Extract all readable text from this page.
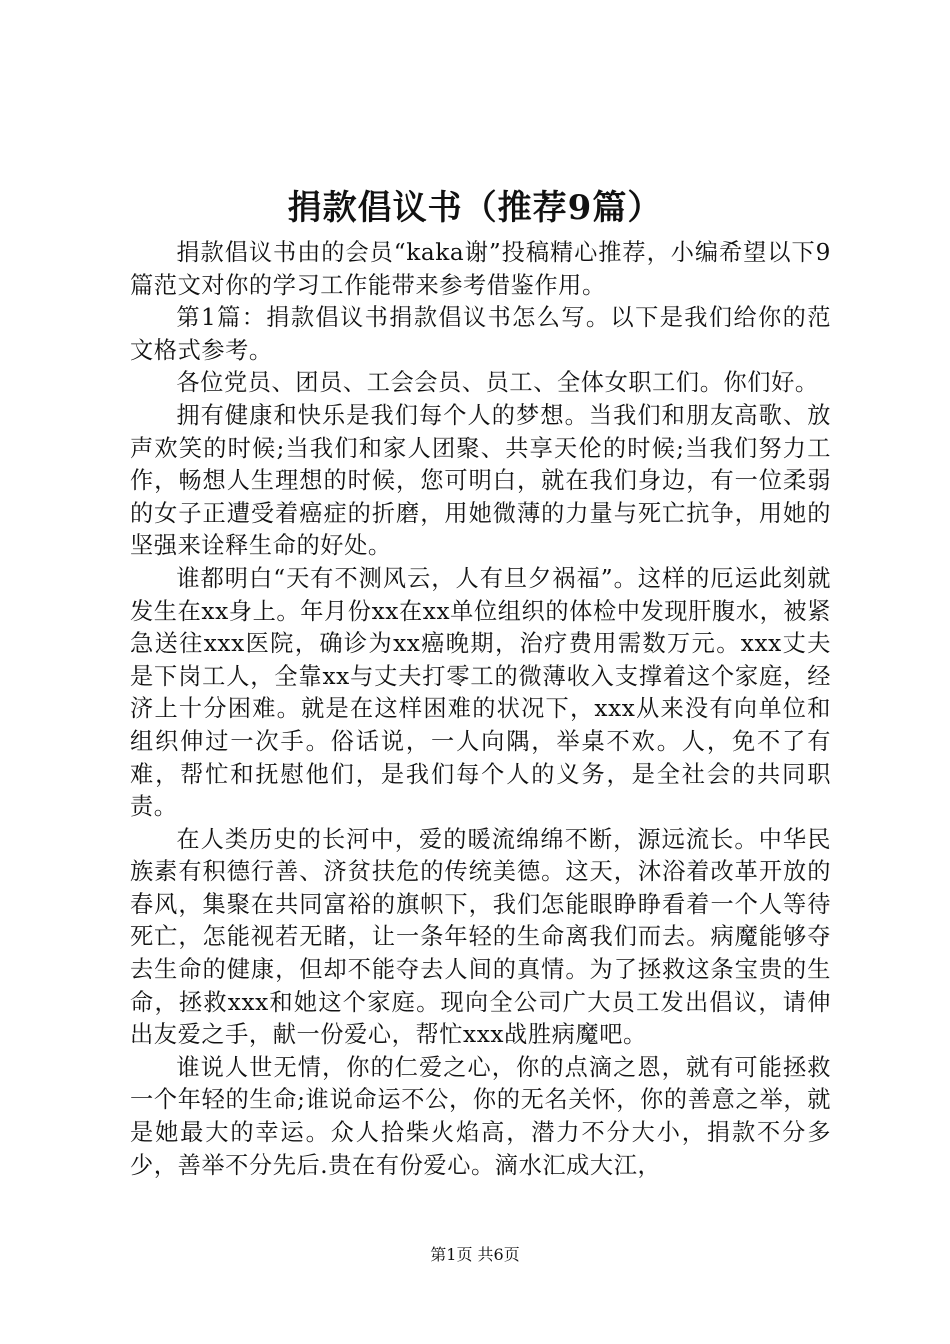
捐款倡议书（推荐9篇）

捐款倡议书由的会员“kaka谢”投稿精心推荐，小编希望以下9篇范文对你的学习工作能带来参考借鉴作用。

第1篇：捐款倡议书捐款倡议书怎么写。以下是我们给你的范文格式参考。

各位党员、团员、工会会员、员工、全体女职工们。你们好。

拥有健康和快乐是我们每个人的梦想。当我们和朋友高歌、放声欢笑的时候;当我们和家人团聚、共享天伦的时候;当我们努力工作，畅想人生理想的时候，您可明白，就在我们身边，有一位柔弱的女子正遭受着癌症的折磨，用她微薄的力量与死亡抗争，用她的坚强来诠释生命的好处。

谁都明白“天有不测风云，人有旦夕祸福”。这样的厄运此刻就发生在xx身上。年月份xx在xx单位组织的体检中发现肝腹水，被紧急送往xxx医院，确诊为xx癌晚期，治疗费用需数万元。xxx丈夫是下岗工人，全靠xx与丈夫打零工的微薄收入支撑着这个家庭，经济上十分困难。就是在这样困难的状况下，xxx从来没有向单位和组织伸过一次手。俗话说，一人向隅，举桌不欢。人，免不了有难，帮忙和抚慰他们，是我们每个人的义务，是全社会的共同职责。

在人类历史的长河中，爱的暖流绵绵不断，源远流长。中华民族素有积德行善、济贫扶危的传统美德。这天，沐浴着改革开放的春风，集聚在共同富裕的旗帜下，我们怎能眼睁睁看着一个人等待死亡，怎能视若无睹，让一条年轻的生命离我们而去。病魔能够夺去生命的健康，但却不能夺去人间的真情。为了拯救这条宝贵的生命，拯救xxx和她这个家庭。现向全公司广大员工发出倡议，请伸出友爱之手，献一份爱心，帮忙xxx战胜病魔吧。

谁说人世无情，你的仁爱之心，你的点滴之恩，就有可能拯救一个年轻的生命;谁说命运不公，你的无名关怀，你的善意之举，就是她最大的幸运。众人拾柴火焰高，潜力不分大小，捐款不分多少，善举不分先后.贵在有份爱心。滴水汇成大江，

第1页 共6页
